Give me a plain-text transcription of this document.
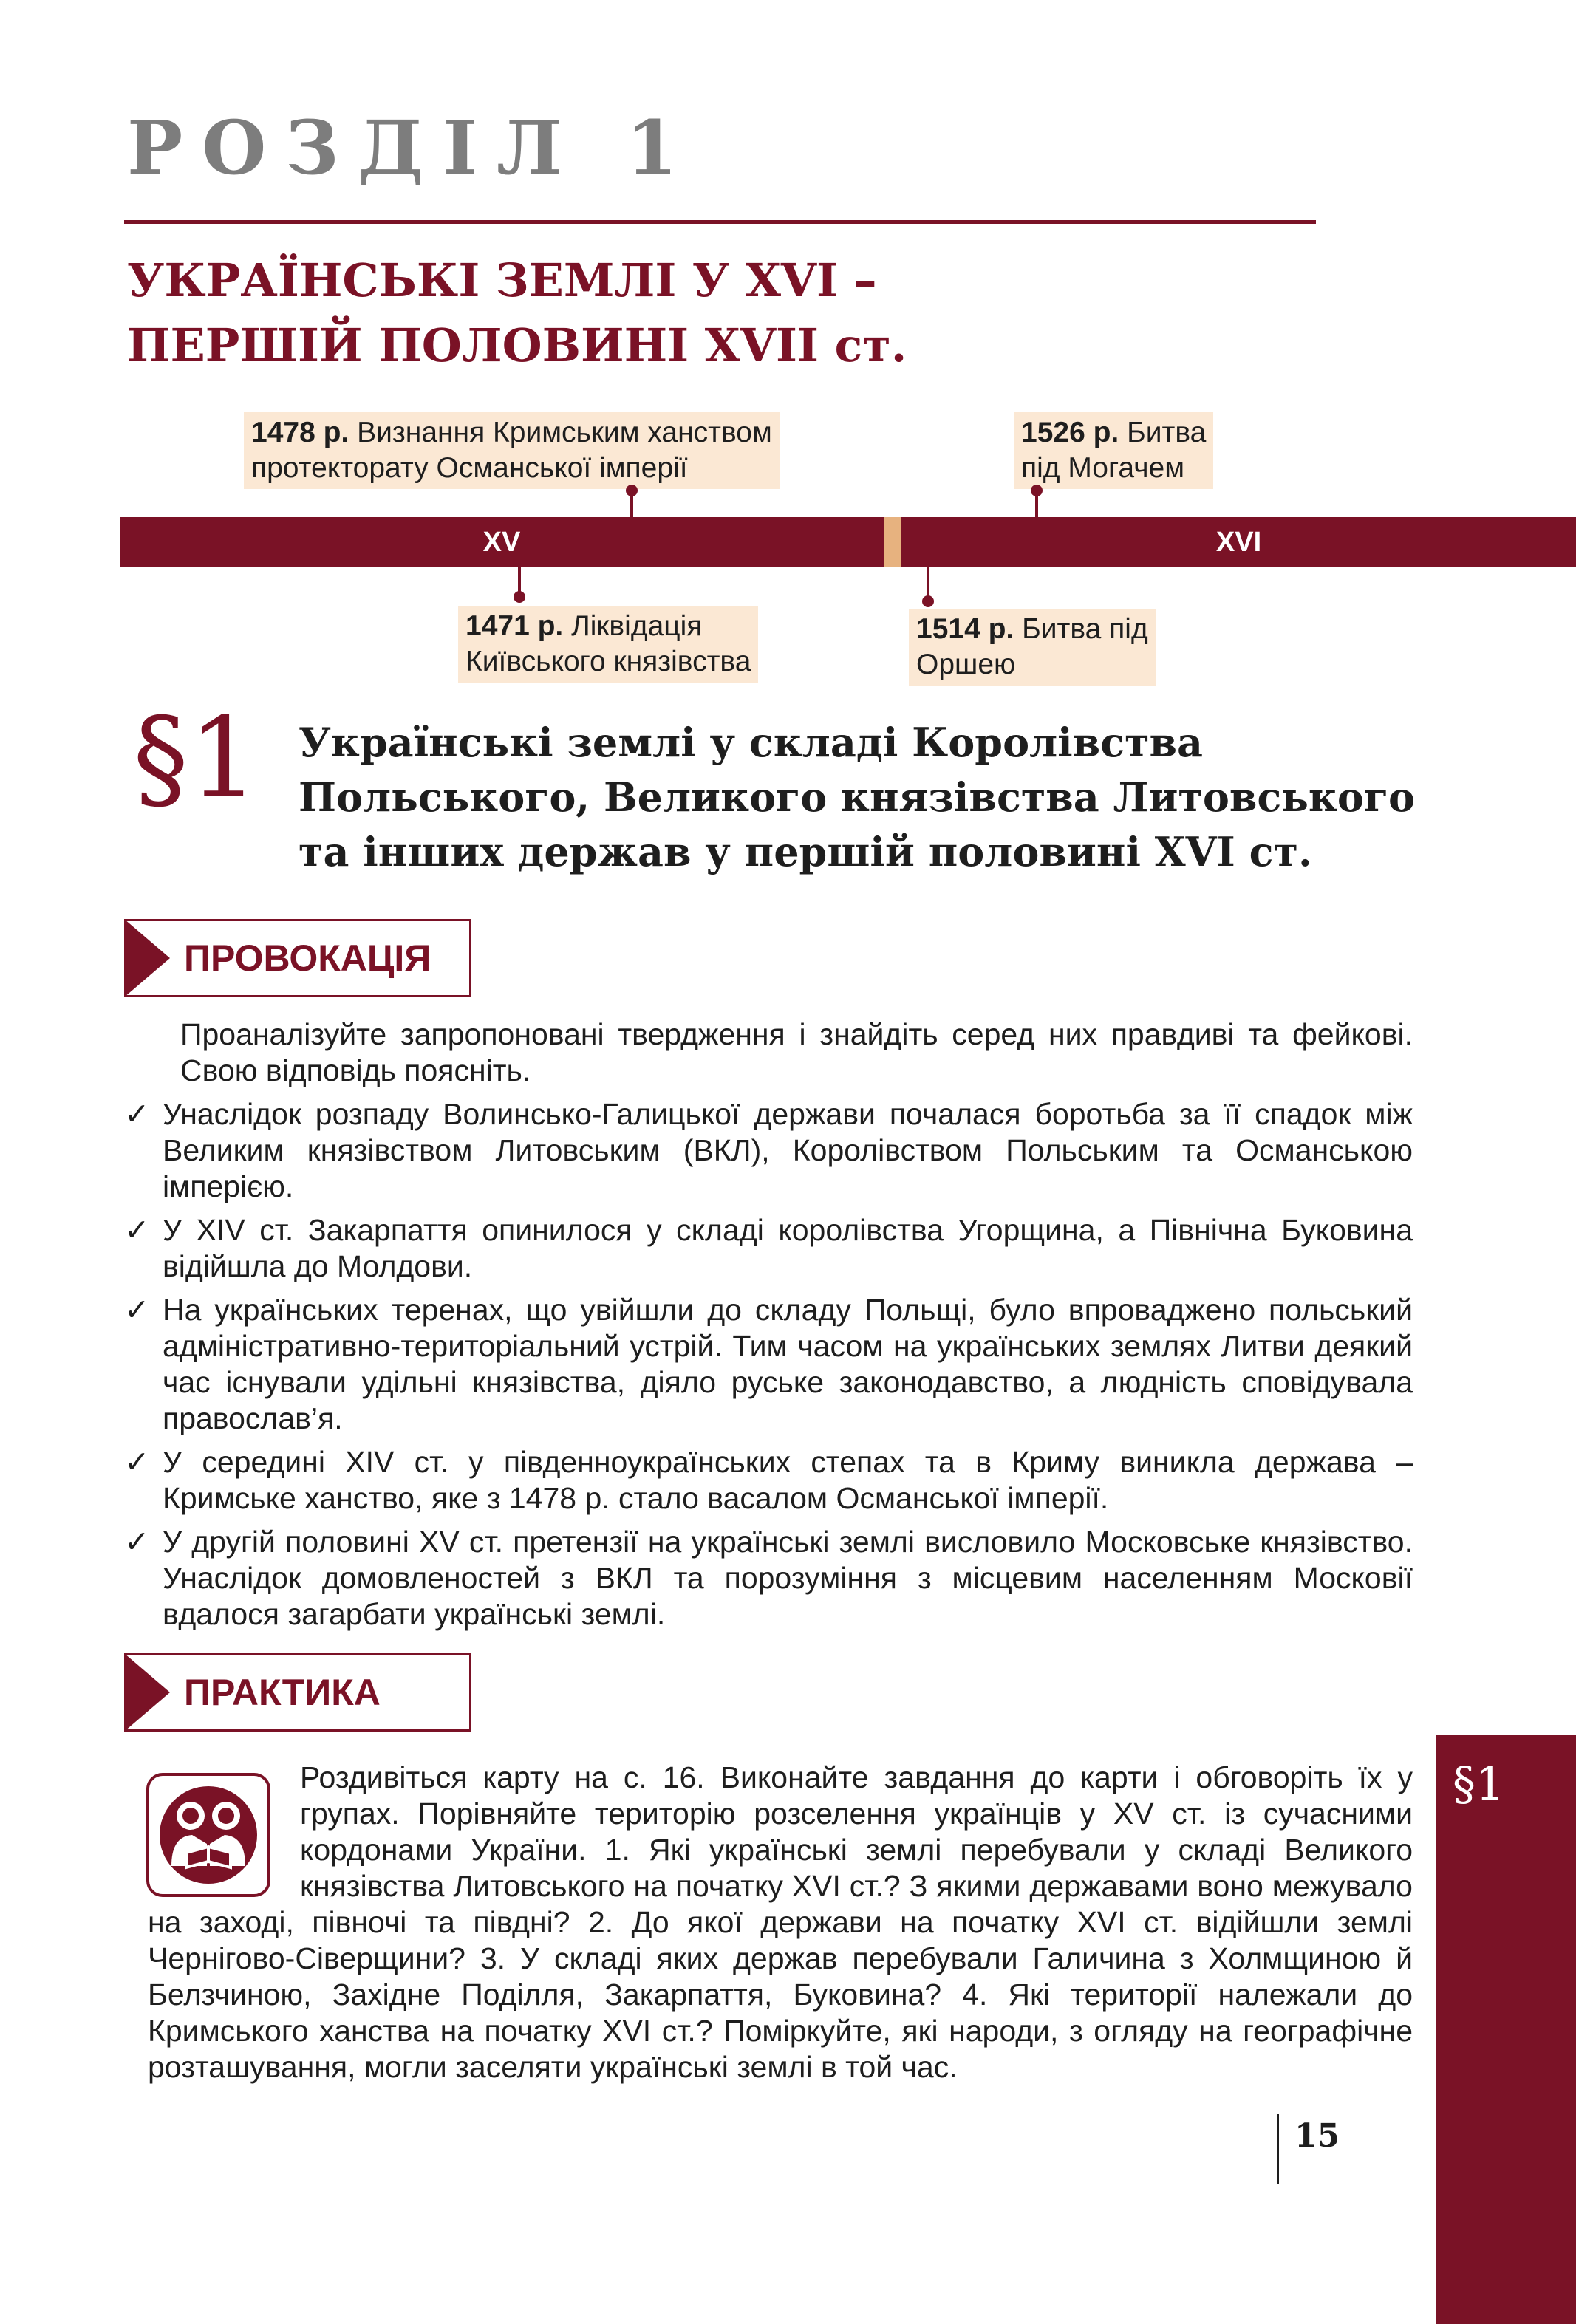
РОЗДІЛ 1
УКРАЇНСЬКІ ЗЕМЛІ У XVI –
ПЕРШІЙ ПОЛОВИНІ XVII ст.
XV	XVI
1478 р. Визнання Кримським ханством
протекторату Османської імперії
1526 р. Битва
під Могачем
1471 р. Ліквідація
Київського князівства
1514 р. Битва під
Оршею
§1 Українські землі у складі Королівства
Польського, Великого князівства Литовського
та інших держав у першій половині XVI ст.
ПРОВОКАЦІЯ
Проаналізуйте запропоновані твердження і знайдіть серед них правдиві та фейкові. Свою відповідь поясніть.
✓ Унаслідок розпаду Волинсько-Галицької держави почалася боротьба за її спадок між Великим князівством Литовським (ВКЛ), Королівством Польським та Османською імперією.
✓ У XIV ст. Закарпаття опинилося у складі королівства Угорщина, а Північна Буковина відійшла до Молдови.
✓ На українських теренах, що увійшли до складу Польщі, було впроваджено польський адміністративно-територіальний устрій. Тим часом на українських землях Литви деякий час існували удільні князівства, діяло руське законодавство, а людність сповідувала православ’я.
✓ У середині XIV ст. у південноукраїнських степах та в Криму виникла держава – Кримське ханство, яке з 1478 р. стало васалом Османської імперії.
✓ У другій половині XV ст. претензії на українські землі висловило Московське князівство. Унаслідок домовленостей з ВКЛ та порозуміння з місцевим населенням Московії вдалося загарбати українські землі.
ПРАКТИКА
Роздивіться карту на с. 16. Виконайте завдання до карти і обговоріть їх у групах. Порівняйте територію розселення українців у XV ст. із сучасними кордонами України. 1. Які українські землі перебували у складі Великого князівства Литовського на початку XVI ст.? З якими державами воно межувало на заході, півночі та півдні? 2. До якої держави на початку XVI ст. відійшли землі Чернігово-Сіверщини? 3. У складі яких держав перебували Галичина з Холмщиною й Белзчиною, Західне Поділля, Закарпаття, Буковина? 4. Які території належали до Кримського ханства на початку XVI ст.? Поміркуйте, які народи, з огляду на географічне розташування, могли заселяти українські землі в той час.
§1
15
